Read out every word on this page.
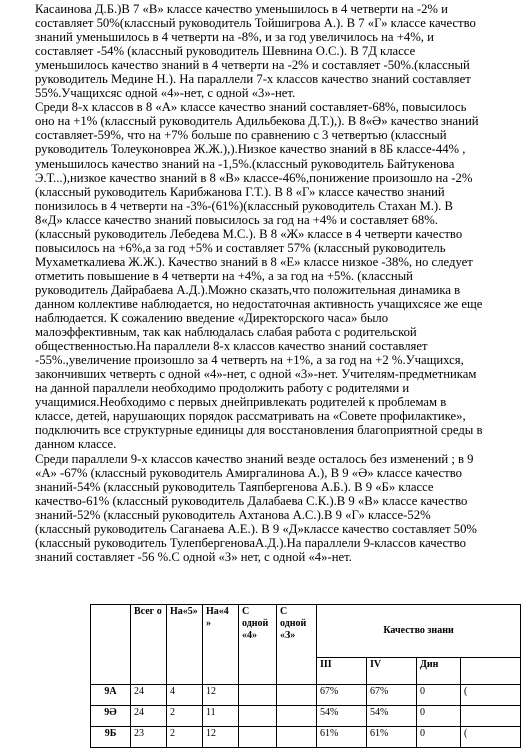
Касаинова Д.Б.)В 7 «В» классе качество уменьшилось в 4 четверти на -2% и составляет 50%(классный руководитель Тойшигрова А.). В 7 «Г» классе качество знаний уменьшилось в 4 четверти на -8%, и за год увеличилось на +4%, и составляет -54% (классный руководитель Шевнина О.С.). В 7Д классе уменьшилось качество знаний в 4 четверти на -2% и составляет -50%.(классный руководитель Медине Н.). На параллели 7-х классов качество знаний составляет 55%.Учащихсяс одной «4»-нет, с одной «3»-нет.

Среди 8-х классов в 8 «А» классе качество знаний составляет-68%, повысилось оно на +1% (классный руководитель Адильбекова Д.Т.),). В 8«Ә» качество знаний составляет-59%, что на +7% больше по сравнению с 3 четвертью (классный руководитель Толеуконовреа Ж.Ж.),).Низкое качество знаний в 8Б классе-44% , уменьшилось качество знаний на -1,5%.(классный руководитель Байтукенова Э.Т...),низкое качество знаний в 8 «В» классе-46%,понижение произошло на -2% (классный руководитель Карибжанова Г.Т.). В 8 «Г» классе качество знаний понизилось в 4 четверти на -3%-(61%)(классный руководитель Стахан М.). В 8«Д» классе качество знаний повысилось за год на +4% и составляет 68%. (классный руководитель Лебедева М.С.). В 8 «Ж» классе в 4 четверти качество повысилось на +6%,а за год +5% и составляет 57% (классный руководитель Мухаметкалиева Ж.Ж.). Качество знаний в 8 «Е» классе низкое -38%, но следует отметить повышение в 4 четверти на +4%, а за год на +5%. (классный руководитель Дайрабаева А.Д.).Можно сказать,что положительная динамика в данном коллективе наблюдается, но недостаточная активность учащихсясе же еще наблюдается. К сожалению введение «Директорского часа» было малоэффективным, так как наблюдалась слабая работа с родительской общественностью.На параллели 8-х классов качество знаний составляет -55%.,увеличение произошло за 4 четверть на +1%, а за год на +2 %.Учащихся, закончивших четверть с одной «4»-нет, с одной «3»-нет. Учителям-предметникам на данной параллели необходимо продолжить работу с родителями и учащимися.Необходимо с первых днейпривлекать родителей к проблемам в классе, детей, нарушающих порядок рассматривать на «Совете профилактике», подключить все структурные единицы для восстановления благоприятной среды в данном классе.

Среди параллели 9-х классов качество знаний везде осталось без изменений ; в 9 «А» -67% (классный руководитель Амиргалинова А.), В 9 «Ә» классе качество знаний-54% (классный руководитель Таяпбергенова А.Б.). В 9 «Б» классе качество-61% (классный руководитель Далабаева С.К.).В 9 «В» классе качество знаний-52% (классный руководитель Ахтанова А.С.).В 9 «Г» классе-52% (классный руководитель Саганаева А.Е.). В 9 «Д»классе качество составляет 50% (классный руководитель ТулепбергеноваА.Д.).На параллели 9-классов качество знаний составляет -56 %.С одной «З» нет, с одной «4»-нет.

	Всег о	На«5»	На«4 »	С одной «4»	С одной «З»	Качество знани			
						III	IV	Дин	
9А	24	4	12			67%	67%	0	(
9Ә	24	2	11			54%	54%	0	
9Б	23	2	12			61%	61%	0	(
